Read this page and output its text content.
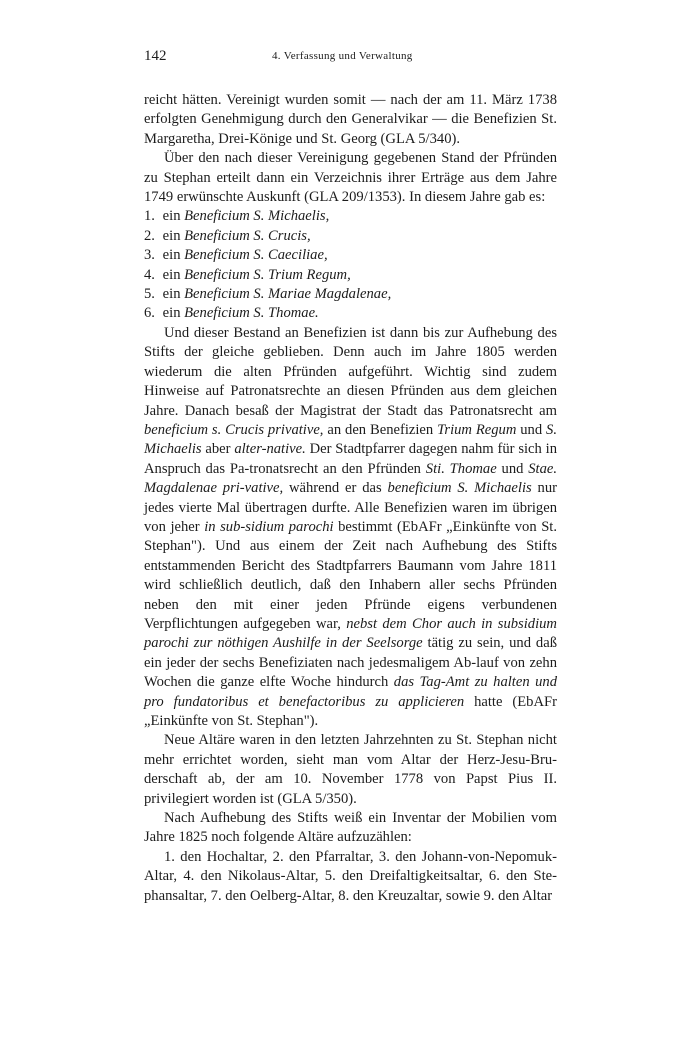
142	4. Verfassung und Verwaltung

reicht hätten. Vereinigt wurden somit — nach der am 11. März 1738 erfolgten Genehmigung durch den Generalvikar — die Benefizien St. Margaretha, Drei-Könige und St. Georg (GLA 5/340).

Über den nach dieser Vereinigung gegebenen Stand der Pfründen zu Stephan erteilt dann ein Verzeichnis ihrer Erträge aus dem Jahre 1749 erwünschte Auskunft (GLA 209/1353). In diesem Jahre gab es:

1. ein Beneficium S. Michaelis,
2. ein Beneficium S. Crucis,
3. ein Beneficium S. Caeciliae,
4. ein Beneficium S. Trium Regum,
5. ein Beneficium S. Mariae Magdalenae,
6. ein Beneficium S. Thomae.

Und dieser Bestand an Benefizien ist dann bis zur Aufhebung des Stifts der gleiche geblieben. Denn auch im Jahre 1805 werden wiederum die alten Pfründen aufgeführt. Wichtig sind zudem Hinweise auf Patronatsrechte an diesen Pfründen aus dem gleichen Jahre. Danach besaß der Magistrat der Stadt das Patronatsrecht am beneficium s. Crucis privative, an den Benefizien Trium Regum und S. Michaelis aber alter-native. Der Stadtpfarrer dagegen nahm für sich in Anspruch das Pa-tronatsrecht an den Pfründen Sti. Thomae und Stae. Magdalenae pri-vative, während er das beneficium S. Michaelis nur jedes vierte Mal übertragen durfte. Alle Benefizien waren im übrigen von jeher in sub-sidium parochi bestimmt (EbAFr „Einkünfte von St. Stephan"). Und aus einem der Zeit nach Aufhebung des Stifts entstammenden Bericht des Stadtpfarrers Baumann vom Jahre 1811 wird schließlich deutlich, daß den Inhabern aller sechs Pfründen neben den mit einer jeden Pfründe eigens verbundenen Verpflichtungen aufgegeben war, nebst dem Chor auch in subsidium parochi zur nöthigen Aushilfe in der Seelsorge tätig zu sein, und daß ein jeder der sechs Benefiziaten nach jedesmaligem Ab-lauf von zehn Wochen die ganze elfte Woche hindurch das Tag-Amt zu halten und pro fundatoribus et benefactoribus zu applicieren hatte (EbAFr „Einkünfte von St. Stephan").

Neue Altäre waren in den letzten Jahrzehnten zu St. Stephan nicht mehr errichtet worden, sieht man vom Altar der Herz-Jesu-Bru-derschaft ab, der am 10. November 1778 von Papst Pius II. privilegiert worden ist (GLA 5/350).

Nach Aufhebung des Stifts weiß ein Inventar der Mobilien vom Jahre 1825 noch folgende Altäre aufzuzählen:

1. den Hochaltar, 2. den Pfarraltar, 3. den Johann-von-Nepomuk-Altar, 4. den Nikolaus-Altar, 5. den Dreifaltigkeitsaltar, 6. den Ste-phansaltar, 7. den Oelberg-Altar, 8. den Kreuzaltar, sowie 9. den Altar
